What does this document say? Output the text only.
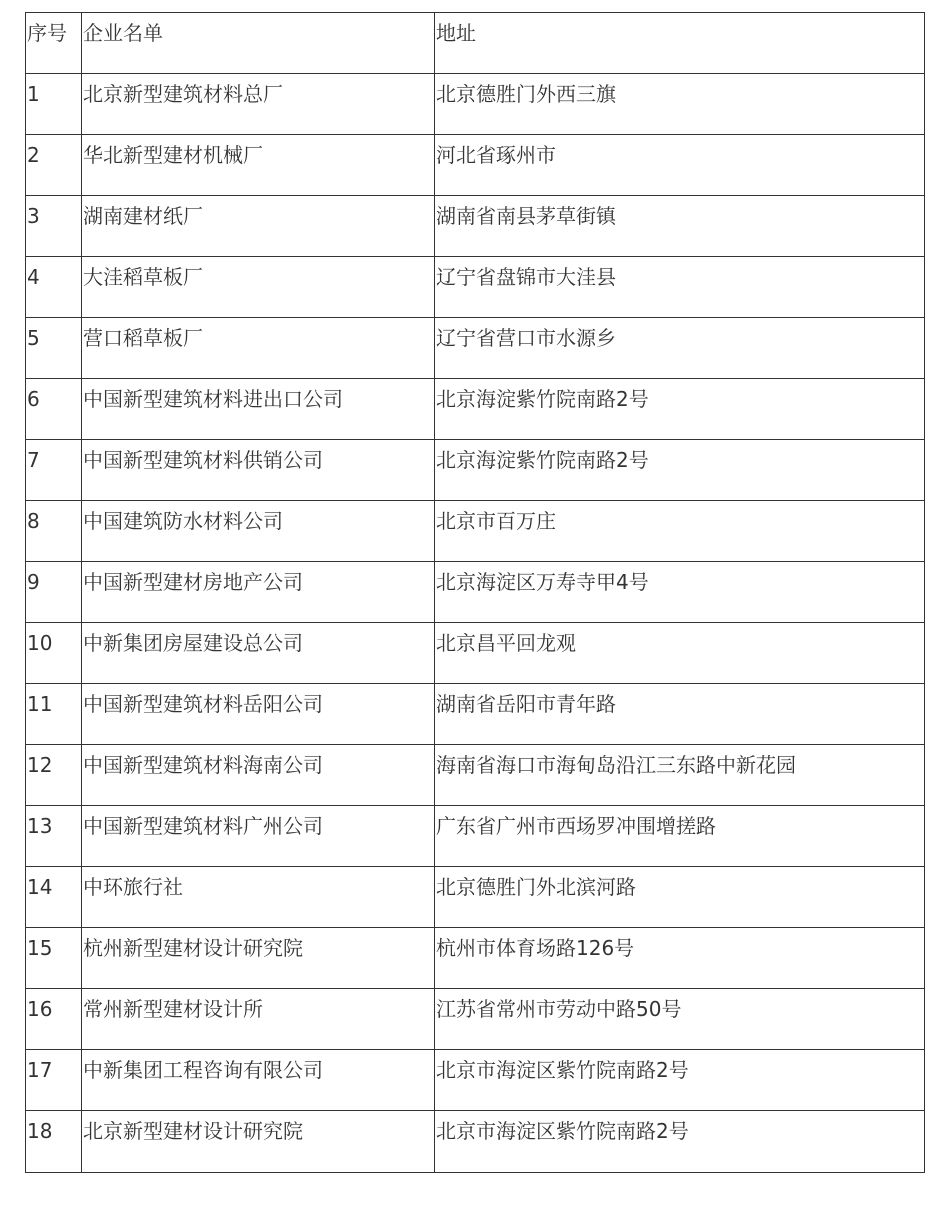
序号	企业名单	地址
1	北京新型建筑材料总厂	北京德胜门外西三旗
2	华北新型建材机械厂	河北省琢州市
3	湖南建材纸厂	湖南省南县茅草街镇
4	大洼稻草板厂	辽宁省盘锦市大洼县
5	营口稻草板厂	辽宁省营口市水源乡
6	中国新型建筑材料进出口公司	北京海淀紫竹院南路2号
7	中国新型建筑材料供销公司	北京海淀紫竹院南路2号
8	中国建筑防水材料公司	北京市百万庄
9	中国新型建材房地产公司	北京海淀区万寿寺甲4号
10	中新集团房屋建设总公司	北京昌平回龙观
11	中国新型建筑材料岳阳公司	湖南省岳阳市青年路
12	中国新型建筑材料海南公司	海南省海口市海甸岛沿江三东路中新花园
13	中国新型建筑材料广州公司	广东省广州市西场罗冲围增搓路
14	中环旅行社	北京德胜门外北滨河路
15	杭州新型建材设计研究院	杭州市体育场路126号
16	常州新型建材设计所	江苏省常州市劳动中路50号
17	中新集团工程咨询有限公司	北京市海淀区紫竹院南路2号
18	北京新型建材设计研究院	北京市海淀区紫竹院南路2号
